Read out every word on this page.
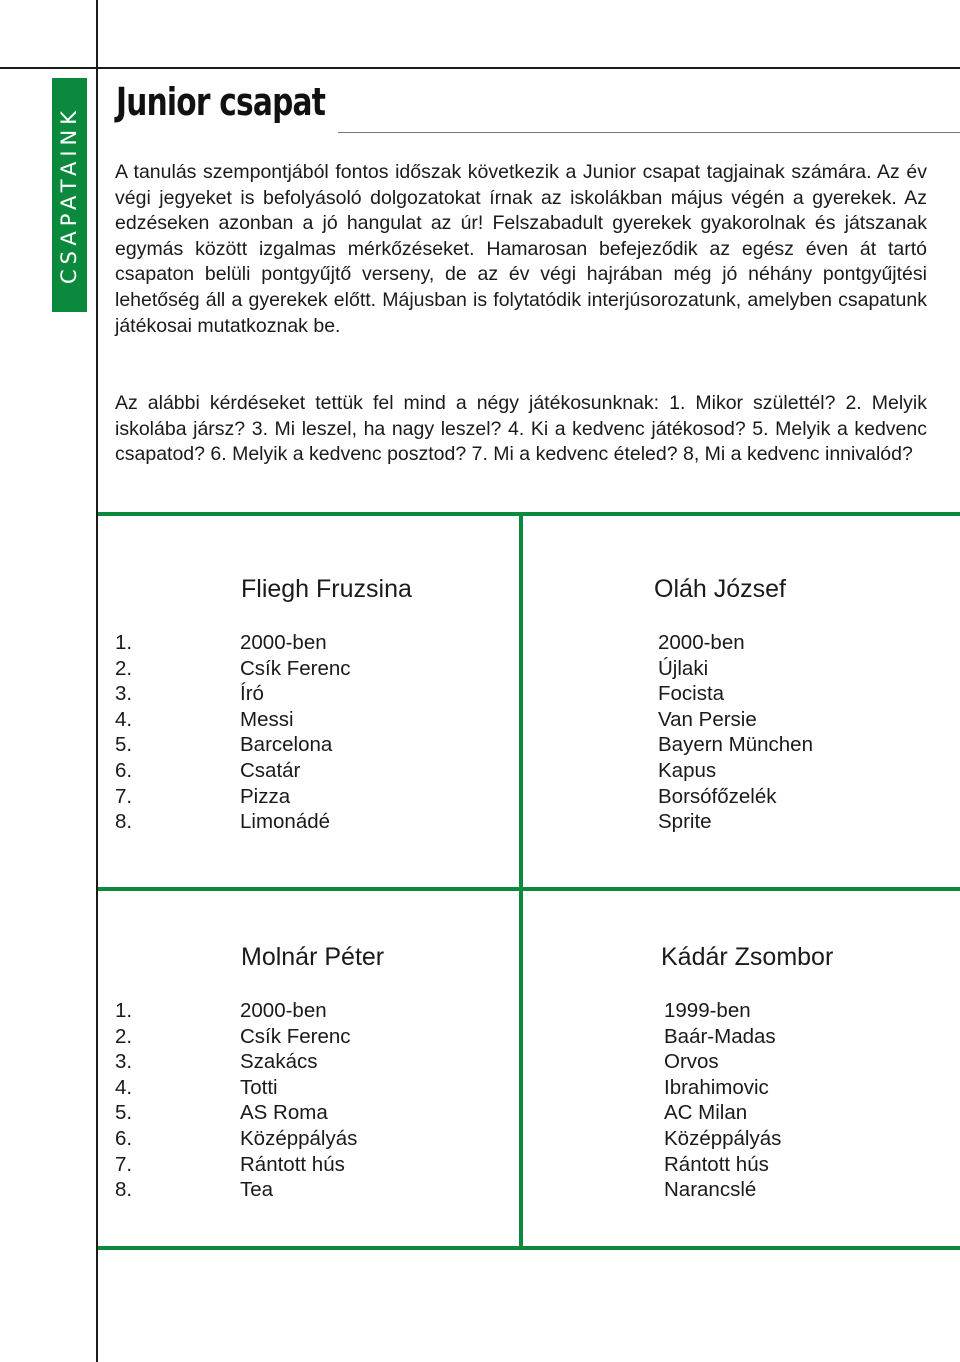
CSAPATAINK
Junior csapat

A tanulás szempontjából fontos időszak következik a Junior csapat tagjainak számára. Az év végi jegyeket is befolyásoló dolgozatokat írnak az iskolákban május végén a gyerekek. Az edzéseken azonban a jó hangulat az úr! Felszabadult gyerekek gyakorolnak és játszanak egymás között izgalmas mérkőzéseket. Hamarosan befejeződik az egész éven át tartó csapaton belüli pontgyűjtő verseny, de az év végi hajrában még jó néhány pontgyűjtési lehetőség áll a gyerekek előtt. Májusban is folytatódik interjúsorozatunk, amelyben csapatunk játékosai mutatkoznak be.

Az alábbi kérdéseket tettük fel mind a négy játékosunknak: 1. Mikor születtél? 2. Melyik iskolába jársz? 3. Mi leszel, ha nagy leszel? 4. Ki a kedvenc játékosod? 5. Melyik a kedvenc csapatod? 6. Melyik a kedvenc posztod? 7. Mi a kedvenc ételed? 8, Mi a kedvenc innivalód?

Fliegh Fruzsina
1.
2.
3.
4.
5.
6.
7.
8.
2000-ben
Csík Ferenc
Író
Messi
Barcelona
Csatár
Pizza
Limonádé
Oláh József
2000-ben
Újlaki
Focista
Van Persie
Bayern München
Kapus
Borsófőzelék
Sprite
Molnár Péter
1.
2.
3.
4.
5.
6.
7.
8.
2000-ben
Csík Ferenc
Szakács
Totti
AS Roma
Középpályás
Rántott hús
Tea
Kádár Zsombor
1999-ben
Baár-Madas
Orvos
Ibrahimovic
AC Milan
Középpályás
Rántott hús
Narancslé
